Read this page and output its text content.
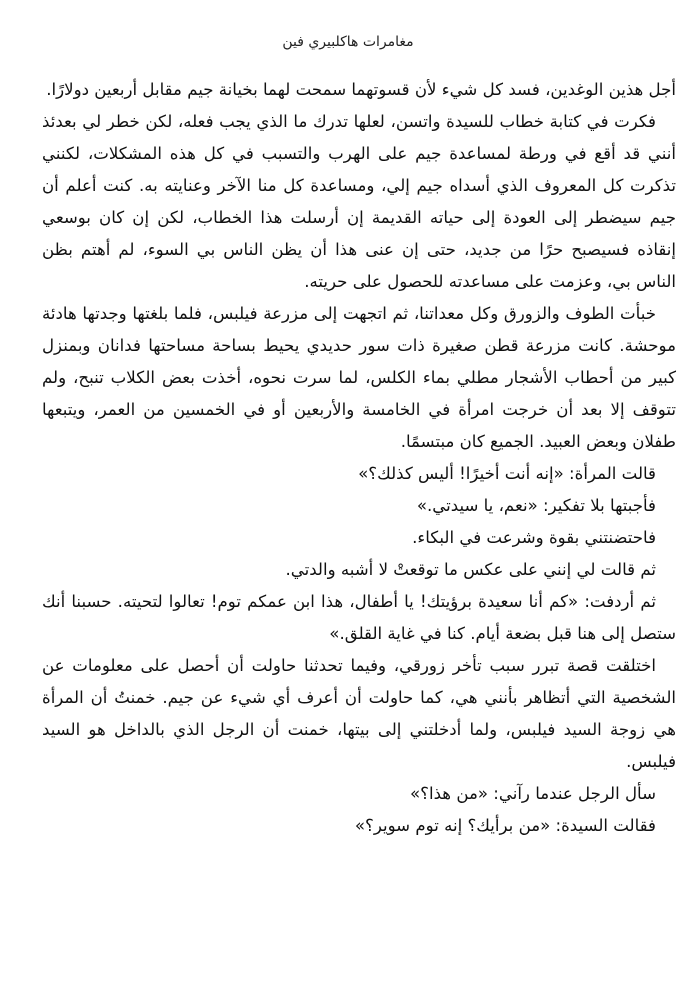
مغامرات هاكلبيري فين

أجل هذين الوغدين، فسد كل شيء لأن قسوتهما سمحت لهما بخيانة جيم مقابل أربعين دولارًا.

فكرت في كتابة خطاب للسيدة واتسن، لعلها تدرك ما الذي يجب فعله، لكن خطر لي بعدئذ أنني قد أقع في ورطة لمساعدة جيم على الهرب والتسبب في كل هذه المشكلات، لكنني تذكرت كل المعروف الذي أسداه جيم إلي، ومساعدة كل منا الآخر وعنايته به. كنت أعلم أن جيم سيضطر إلى العودة إلى حياته القديمة إن أرسلت هذا الخطاب، لكن إن كان بوسعي إنقاذه فسيصبح حرًا من جديد، حتى إن عنى هذا أن يظن الناس بي السوء، لم أهتم بظن الناس بي، وعزمت على مساعدته للحصول على حريته.

خبأت الطوف والزورق وكل معداتنا، ثم اتجهت إلى مزرعة فيلبس، فلما بلغتها وجدتها هادئة موحشة. كانت مزرعة قطن صغيرة ذات سور حديدي يحيط بساحة مساحتها فدانان وبمنزل كبير من أحطاب الأشجار مطلي بماء الكلس، لما سرت نحوه، أخذت بعض الكلاب تنبح، ولم تتوقف إلا بعد أن خرجت امرأة في الخامسة والأربعين أو في الخمسين من العمر، ويتبعها طفلان وبعض العبيد. الجميع كان مبتسمًا.

قالت المرأة: «إنه أنت أخيرًا! أليس كذلك؟»

فأجبتها بلا تفكير: «نعم، يا سيدتي.»

فاحتضنتني بقوة وشرعت في البكاء.

ثم قالت لي إنني على عكس ما توقعتْ لا أشبه والدتي.

ثم أردفت: «كم أنا سعيدة برؤيتك! يا أطفال، هذا ابن عمكم توم! تعالوا لتحيته. حسبنا أنك ستصل إلى هنا قبل بضعة أيام. كنا في غاية القلق.»

اختلقت قصة تبرر سبب تأخر زورقي، وفيما تحدثنا حاولت أن أحصل على معلومات عن الشخصية التي أتظاهر بأنني هي، كما حاولت أن أعرف أي شيء عن جيم. خمنتُ أن المرأة هي زوجة السيد فيلبس، ولما أدخلتني إلى بيتها، خمنت أن الرجل الذي بالداخل هو السيد فيلبس.

سأل الرجل عندما رآني: «من هذا؟»

فقالت السيدة: «من برأيك؟ إنه توم سوير؟»
